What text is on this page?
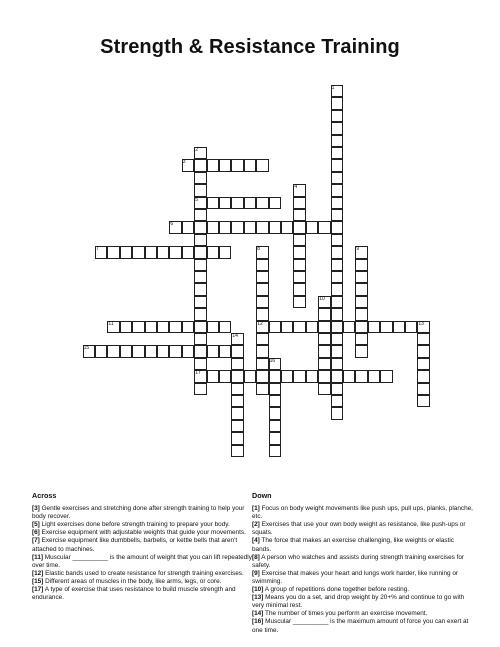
Strength & Resistance Training
1
2
3
4
5
6
7	8	9
10
11	12	13
14
15
16
17
Across

[3] Gentle exercises and stretching done after strength training to help your body recover.

[5] Light exercises done before strength training to prepare your body.

[6] Exercise equipment with adjustable weights that guide your movements.

[7] Exercise equipment like dumbbells, barbells, or kettle bells that aren't attached to machines.

[11] Muscular __________ is the amount of weight that you can lift repeatedly over time.

[12] Elastic bands used to create resistance for strength training exercises.

[15] Different areas of muscles in the body, like arms, legs, or core.

[17] A type of exercise that uses resistance to build muscle strength and endurance.

Down

[1] Focus on body weight movements like push ups, pull ups, planks, planche, etc.

[2] Exercises that use your own body weight as resistance, like push-ups or squats.

[4] The force that makes an exercise challenging, like weights or elastic bands.

[8] A person who watches and assists during strength training exercises for safety.

[9] Exercise that makes your heart and lungs work harder, like running or swimming.

[10] A group of repetitions done together before resting.

[13] Means you do a set, and drop weight by 20+% and continue to go with very minimal rest.

[14] The number of times you perform an exercise movement.

[16] Muscular __________ is the maximum amount of force you can exert at one time.
